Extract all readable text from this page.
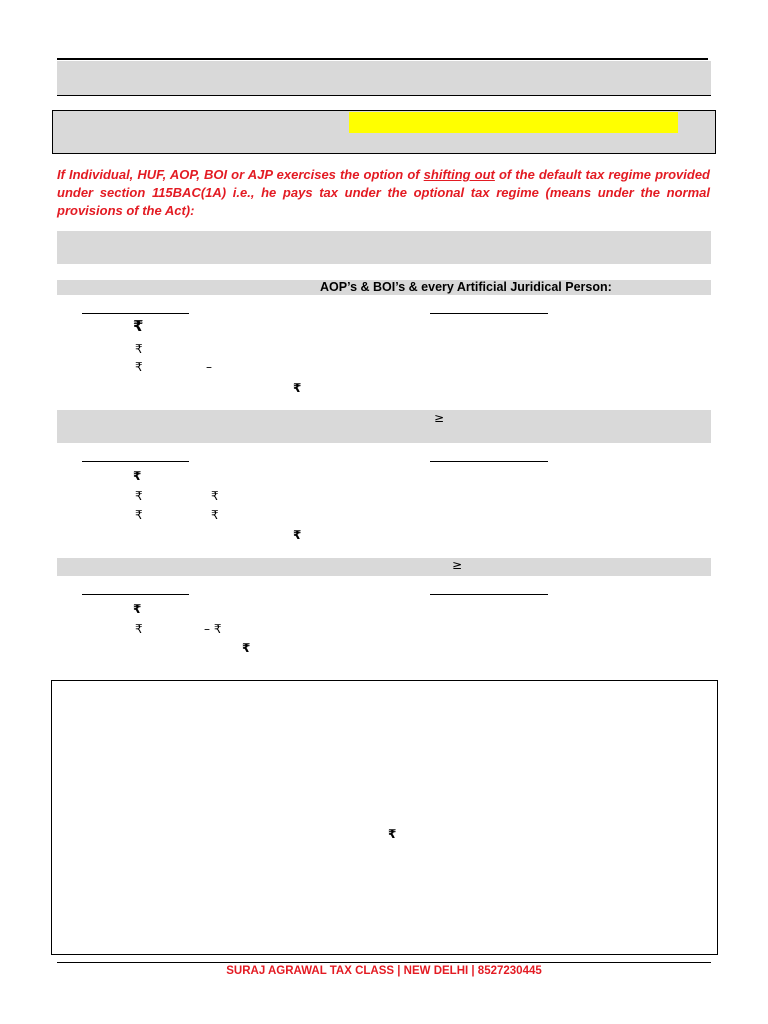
If Individual, HUF, AOP, BOI or AJP exercises the option of shifting out of the default tax regime provided under section 115BAC(1A) i.e., he pays tax under the optional tax regime (means under the normal provisions of the Act):

AOP’s & BOI’s & every Artificial Juridical Person:
₹
₹
₹	–
₹
≥
₹
₹	₹
₹	₹
₹
≥
₹
₹	– ₹
₹
₹
SURAJ AGRAWAL TAX CLASS | NEW DELHI | 8527230445
